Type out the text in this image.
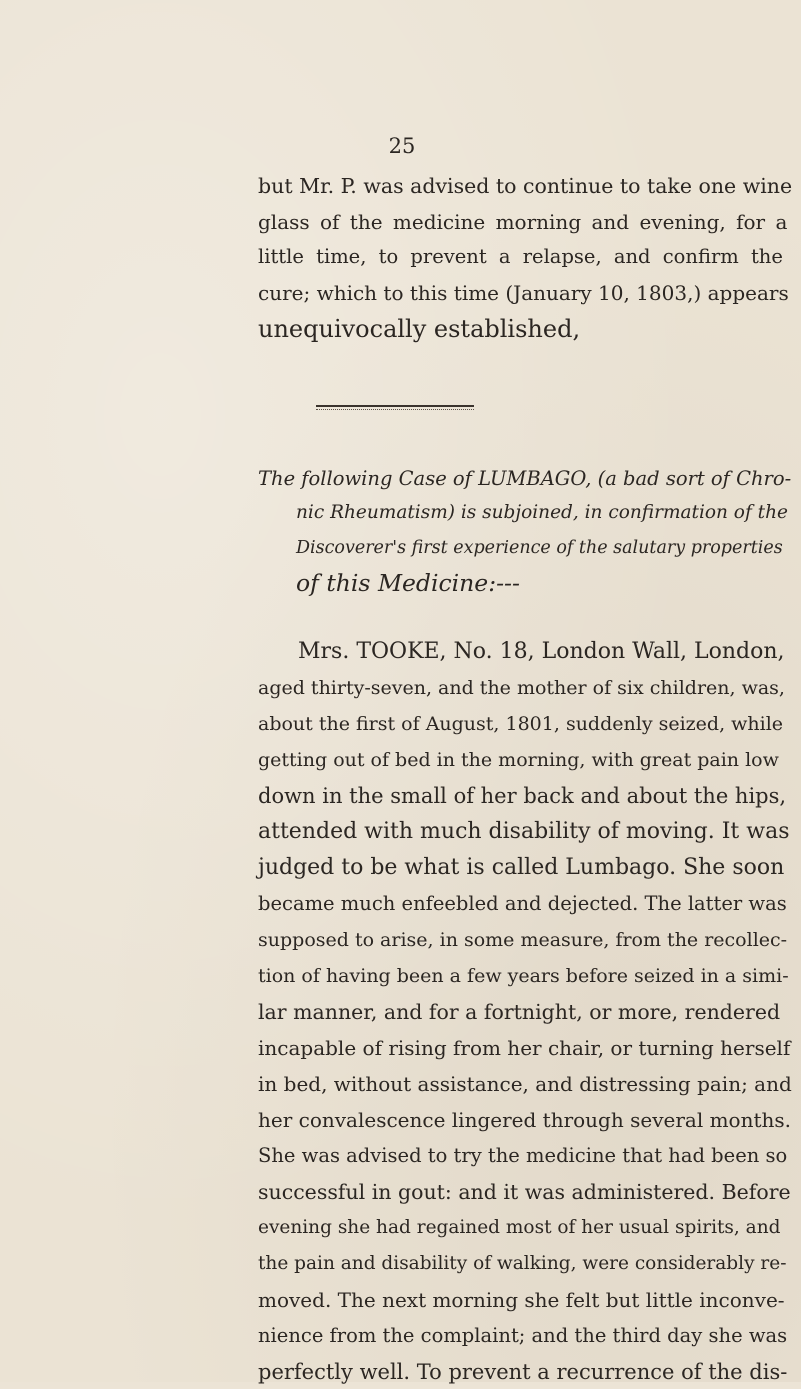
25
but Mr. P. was advised to continue to take one wine
glass of the medicine morning and evening, for a
little time, to prevent a relapse, and confirm the
cure; which to this time (January 10, 1803,) appears
unequivocally established,
The following Case of LUMBAGO, (a bad sort of Chro-
nic Rheumatism) is subjoined, in confirmation of the
Discoverer's first experience of the salutary properties
of this Medicine:---
Mrs. TOOKE, No. 18, London Wall, London,
aged thirty-seven, and the mother of six children, was,
about the first of August, 1801, suddenly seized, while
getting out of bed in the morning, with great pain low
down in the small of her back and about the hips,
attended with much disability of moving. It was
judged to be what is called Lumbago. She soon
became much enfeebled and dejected. The latter was
supposed to arise, in some measure, from the recollec-
tion of having been a few years before seized in a simi-
lar manner, and for a fortnight, or more, rendered
incapable of rising from her chair, or turning herself
in bed, without assistance, and distressing pain; and
her convalescence lingered through several months.
She was advised to try the medicine that had been so
successful in gout: and it was administered. Before
evening she had regained most of her usual spirits, and
the pain and disability of walking, were considerably re-
moved. The next morning she felt but little inconve-
nience from the complaint; and the third day she was
perfectly well. To prevent a recurrence of the dis-
